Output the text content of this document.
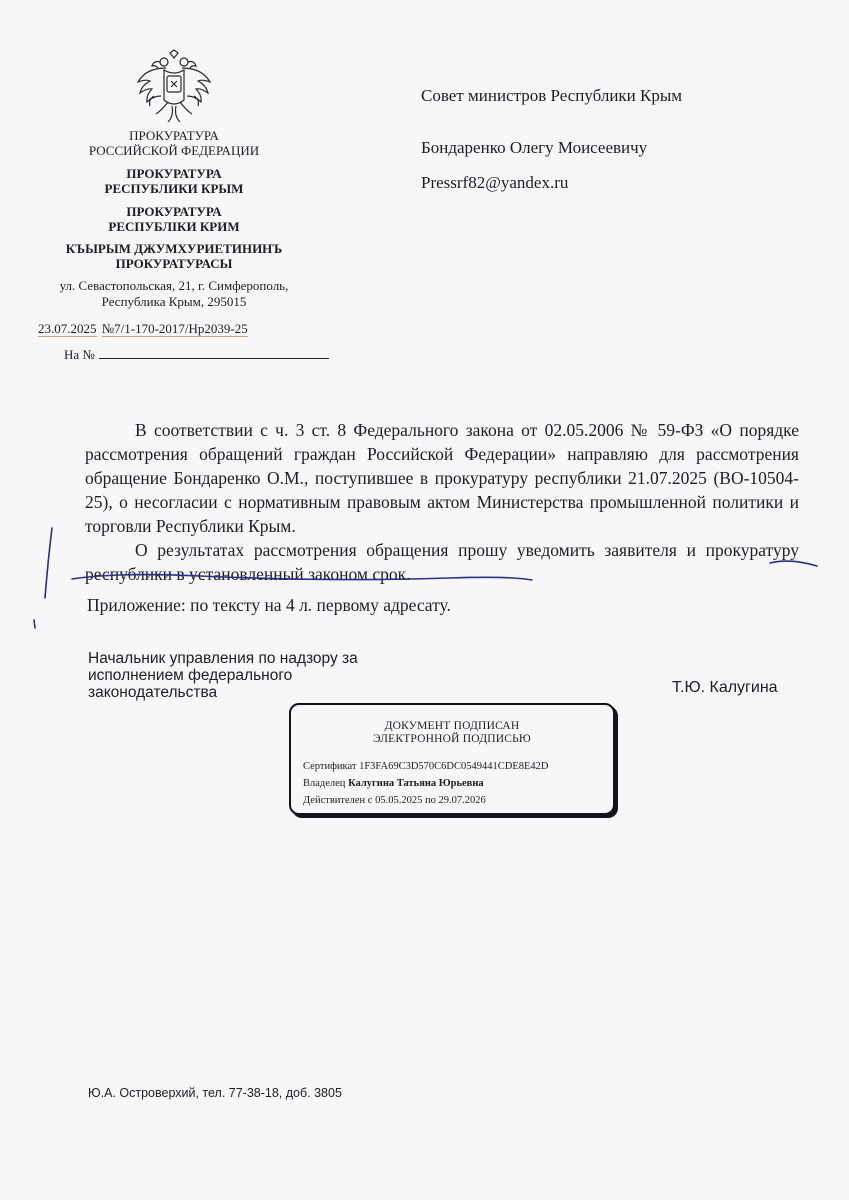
ПРОКУРАТУРА
РОССИЙСКОЙ ФЕДЕРАЦИИ
ПРОКУРАТУРА
РЕСПУБЛИКИ КРЫМ
ПРОКУРАТУРА
РЕСПУБЛІКИ КРИМ
КЪЫРЫМ ДЖУМХУРИЕТИНИНЪ
ПРОКУРАТУРАСЫ
ул. Севастопольская, 21, г. Симферополь,
Республика Крым, 295015
23.07.2025 №7/1-170-2017/Нр2039-25
На №
Совет министров Республики Крым
Бондаренко Олегу Моисеевичу
Pressrf82@yandex.ru
В соответствии с ч. 3 ст. 8 Федерального закона от 02.05.2006 № 59-ФЗ «О порядке рассмотрения обращений граждан Российской Федерации» направляю для рассмотрения обращение Бондаренко О.М., поступившее в прокуратуру республики 21.07.2025 (ВО-10504-25), о несогласии с нормативным правовым актом Министерства промышленной политики и торговли Республики Крым.
О результатах рассмотрения обращения прошу уведомить заявителя и прокуратуру республики в установленный законом срок.
Приложение: по тексту на 4 л. первому адресату.
Начальник управления по надзору за
исполнением федерального
законодательства	Т.Ю. Калугина
ДОКУМЕНТ ПОДПИСАН
ЭЛЕКТРОННОЙ ПОДПИСЬЮ
Сертификат 1F3FA69C3D570C6DC0549441CDE8E42D
Владелец Калугина Татьяна Юрьевна
Действителен с 05.05.2025 по 29.07.2026
Ю.А. Островерхий, тел. 77-38-18, доб. 3805
